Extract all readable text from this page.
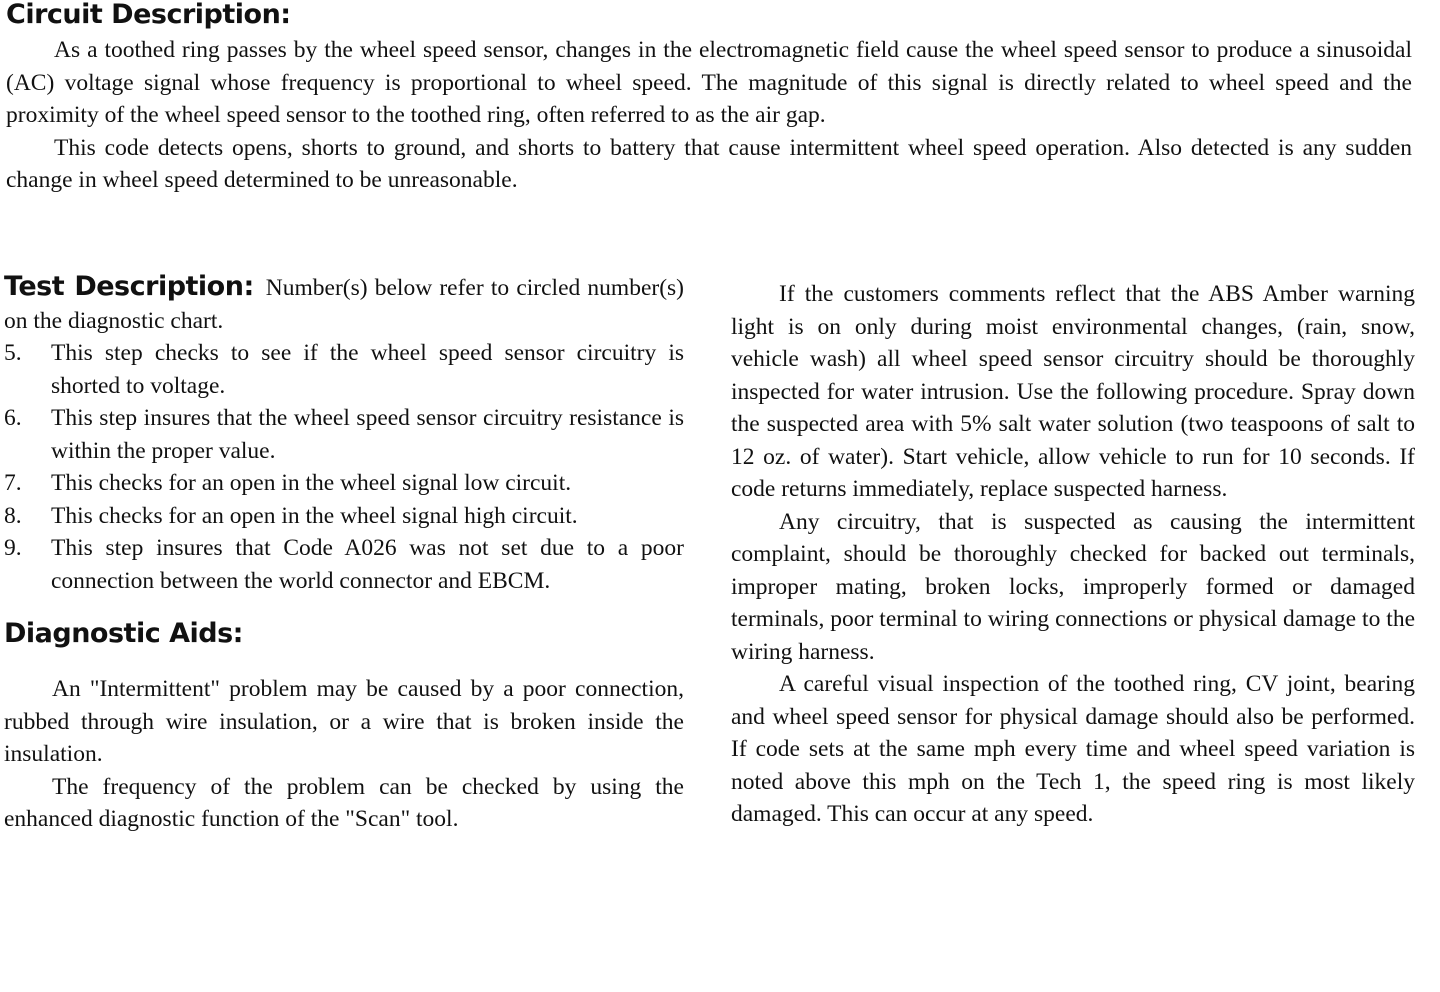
Circuit Description:

As a toothed ring passes by the wheel speed sensor, changes in the electromagnetic field cause the wheel speed sensor to produce a sinusoidal (AC) voltage signal whose frequency is proportional to wheel speed. The magnitude of this signal is directly related to wheel speed and the proximity of the wheel speed sensor to the toothed ring, often referred to as the air gap.

This code detects opens, shorts to ground, and shorts to battery that cause intermittent wheel speed operation. Also detected is any sudden change in wheel speed determined to be unreasonable.

Test Description: Number(s) below refer to circled number(s) on the diagnostic chart.
5. This step checks to see if the wheel speed sensor circuitry is shorted to voltage.
6. This step insures that the wheel speed sensor circuitry resistance is within the proper value.
7. This checks for an open in the wheel signal low circuit.
8. This checks for an open in the wheel signal high circuit.
9. This step insures that Code A026 was not set due to a poor connection between the world connector and EBCM.
Diagnostic Aids:

An "Intermittent" problem may be caused by a poor connection, rubbed through wire insulation, or a wire that is broken inside the insulation.

The frequency of the problem can be checked by using the enhanced diagnostic function of the "Scan" tool.

If the customers comments reflect that the ABS Amber warning light is on only during moist environmental changes, (rain, snow, vehicle wash) all wheel speed sensor circuitry should be thoroughly inspected for water intrusion. Use the following procedure. Spray down the suspected area with 5% salt water solution (two teaspoons of salt to 12 oz. of water). Start vehicle, allow vehicle to run for 10 seconds. If code returns immediately, replace suspected harness.

Any circuitry, that is suspected as causing the intermittent complaint, should be thoroughly checked for backed out terminals, improper mating, broken locks, improperly formed or damaged terminals, poor terminal to wiring connections or physical damage to the wiring harness.

A careful visual inspection of the toothed ring, CV joint, bearing and wheel speed sensor for physical damage should also be performed. If code sets at the same mph every time and wheel speed variation is noted above this mph on the Tech 1, the speed ring is most likely damaged. This can occur at any speed.
